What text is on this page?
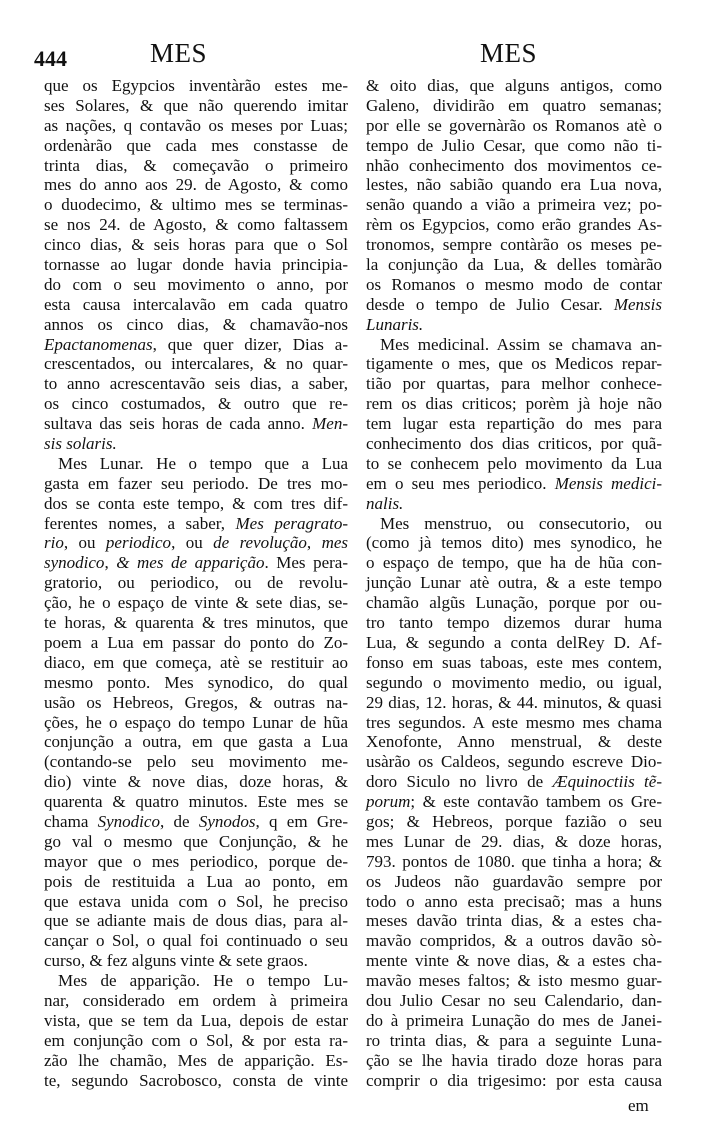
444	MES	MES
que os Egypcios inventàrão estes me-
ses Solares, & que não querendo imitar
as nações, q contavão os meses por Luas;
ordenàrão que cada mes constasse de
trinta dias, & começavão o primeiro
mes do anno aos 29. de Agosto, & como
o duodecimo, & ultimo mes se terminas-
se nos 24. de Agosto, & como faltassem
cinco dias, & seis horas para que o Sol
tornasse ao lugar donde havia principia-
do com o seu movimento o anno, por
esta causa intercalavão em cada quatro
annos os cinco dias, & chamavão-nos
Epactanomenas, que quer dizer, Dias a-
crescentados, ou intercalares, & no quar-
to anno acrescentavão seis dias, a saber,
os cinco costumados, & outro que re-
sultava das seis horas de cada anno. Men-
sis solaris.
Mes Lunar. He o tempo que a Lua
gasta em fazer seu periodo. De tres mo-
dos se conta este tempo, & com tres dif-
ferentes nomes, a saber, Mes peragrato-
rio, ou periodico, ou de revolução, mes
synodico, & mes de apparição. Mes pera-
gratorio, ou periodico, ou de revolu-
ção, he o espaço de vinte & sete dias, se-
te horas, & quarenta & tres minutos, que
poem a Lua em passar do ponto do Zo-
diaco, em que começa, atè se restituir ao
mesmo ponto. Mes synodico, do qual
usão os Hebreos, Gregos, & outras na-
ções, he o espaço do tempo Lunar de hũa
conjunção a outra, em que gasta a Lua
(contando-se pelo seu movimento me-
dio) vinte & nove dias, doze horas, &
quarenta & quatro minutos. Este mes se
chama Synodico, de Synodos, q em Gre-
go val o mesmo que Conjunção, & he
mayor que o mes periodico, porque de-
pois de restituida a Lua ao ponto, em
que estava unida com o Sol, he preciso
que se adiante mais de dous dias, para al-
cançar o Sol, o qual foi continuado o seu
curso, & fez alguns vinte & sete graos.
Mes de apparição. He o tempo Lu-
nar, considerado em ordem à primeira
vista, que se tem da Lua, depois de estar
em conjunção com o Sol, & por esta ra-
zão lhe chamão, Mes de apparição. Es-
te, segundo Sacrobosco, consta de vinte
& oito dias, que alguns antigos, como
Galeno, dividirão em quatro semanas;
por elle se governàrão os Romanos atè o
tempo de Julio Cesar, que como não ti-
nhão conhecimento dos movimentos ce-
lestes, não sabião quando era Lua nova,
senão quando a vião a primeira vez; po-
rèm os Egypcios, como erão grandes As-
tronomos, sempre contàrão os meses pe-
la conjunção da Lua, & delles tomàrão
os Romanos o mesmo modo de contar
desde o tempo de Julio Cesar. Mensis
Lunaris.
Mes medicinal. Assim se chamava an-
tigamente o mes, que os Medicos repar-
tião por quartas, para melhor conhece-
rem os dias criticos; porèm jà hoje não
tem lugar esta repartição do mes para
conhecimento dos dias criticos, por quã-
to se conhecem pelo movimento da Lua
em o seu mes periodico. Mensis medici-
nalis.
Mes menstruo, ou consecutorio, ou
(como jà temos dito) mes synodico, he
o espaço de tempo, que ha de hũa con-
junção Lunar atè outra, & a este tempo
chamão algũs Lunação, porque por ou-
tro tanto tempo dizemos durar huma
Lua, & segundo a conta delRey D. Af-
fonso em suas taboas, este mes contem,
segundo o movimento medio, ou igual,
29 dias, 12. horas, & 44. minutos, & quasi
tres segundos. A este mesmo mes chama
Xenofonte, Anno menstrual, & deste
usàrão os Caldeos, segundo escreve Dio-
doro Siculo no livro de Æquinoctiis tẽ-
porum; & este contavão tambem os Gre-
gos; & Hebreos, porque fazião o seu
mes Lunar de 29. dias, & doze horas,
793. pontos de 1080. que tinha a hora; &
os Judeos não guardavão sempre por
todo o anno esta precisaõ; mas a huns
meses davão trinta dias, & a estes cha-
mavão compridos, & a outros davão sò-
mente vinte & nove dias, & a estes cha-
mavão meses faltos; & isto mesmo guar-
dou Julio Cesar no seu Calendario, dan-
do à primeira Lunação do mes de Janei-
ro trinta dias, & para a seguinte Luna-
ção se lhe havia tirado doze horas para
comprir o dia trigesimo: por esta causa
em
